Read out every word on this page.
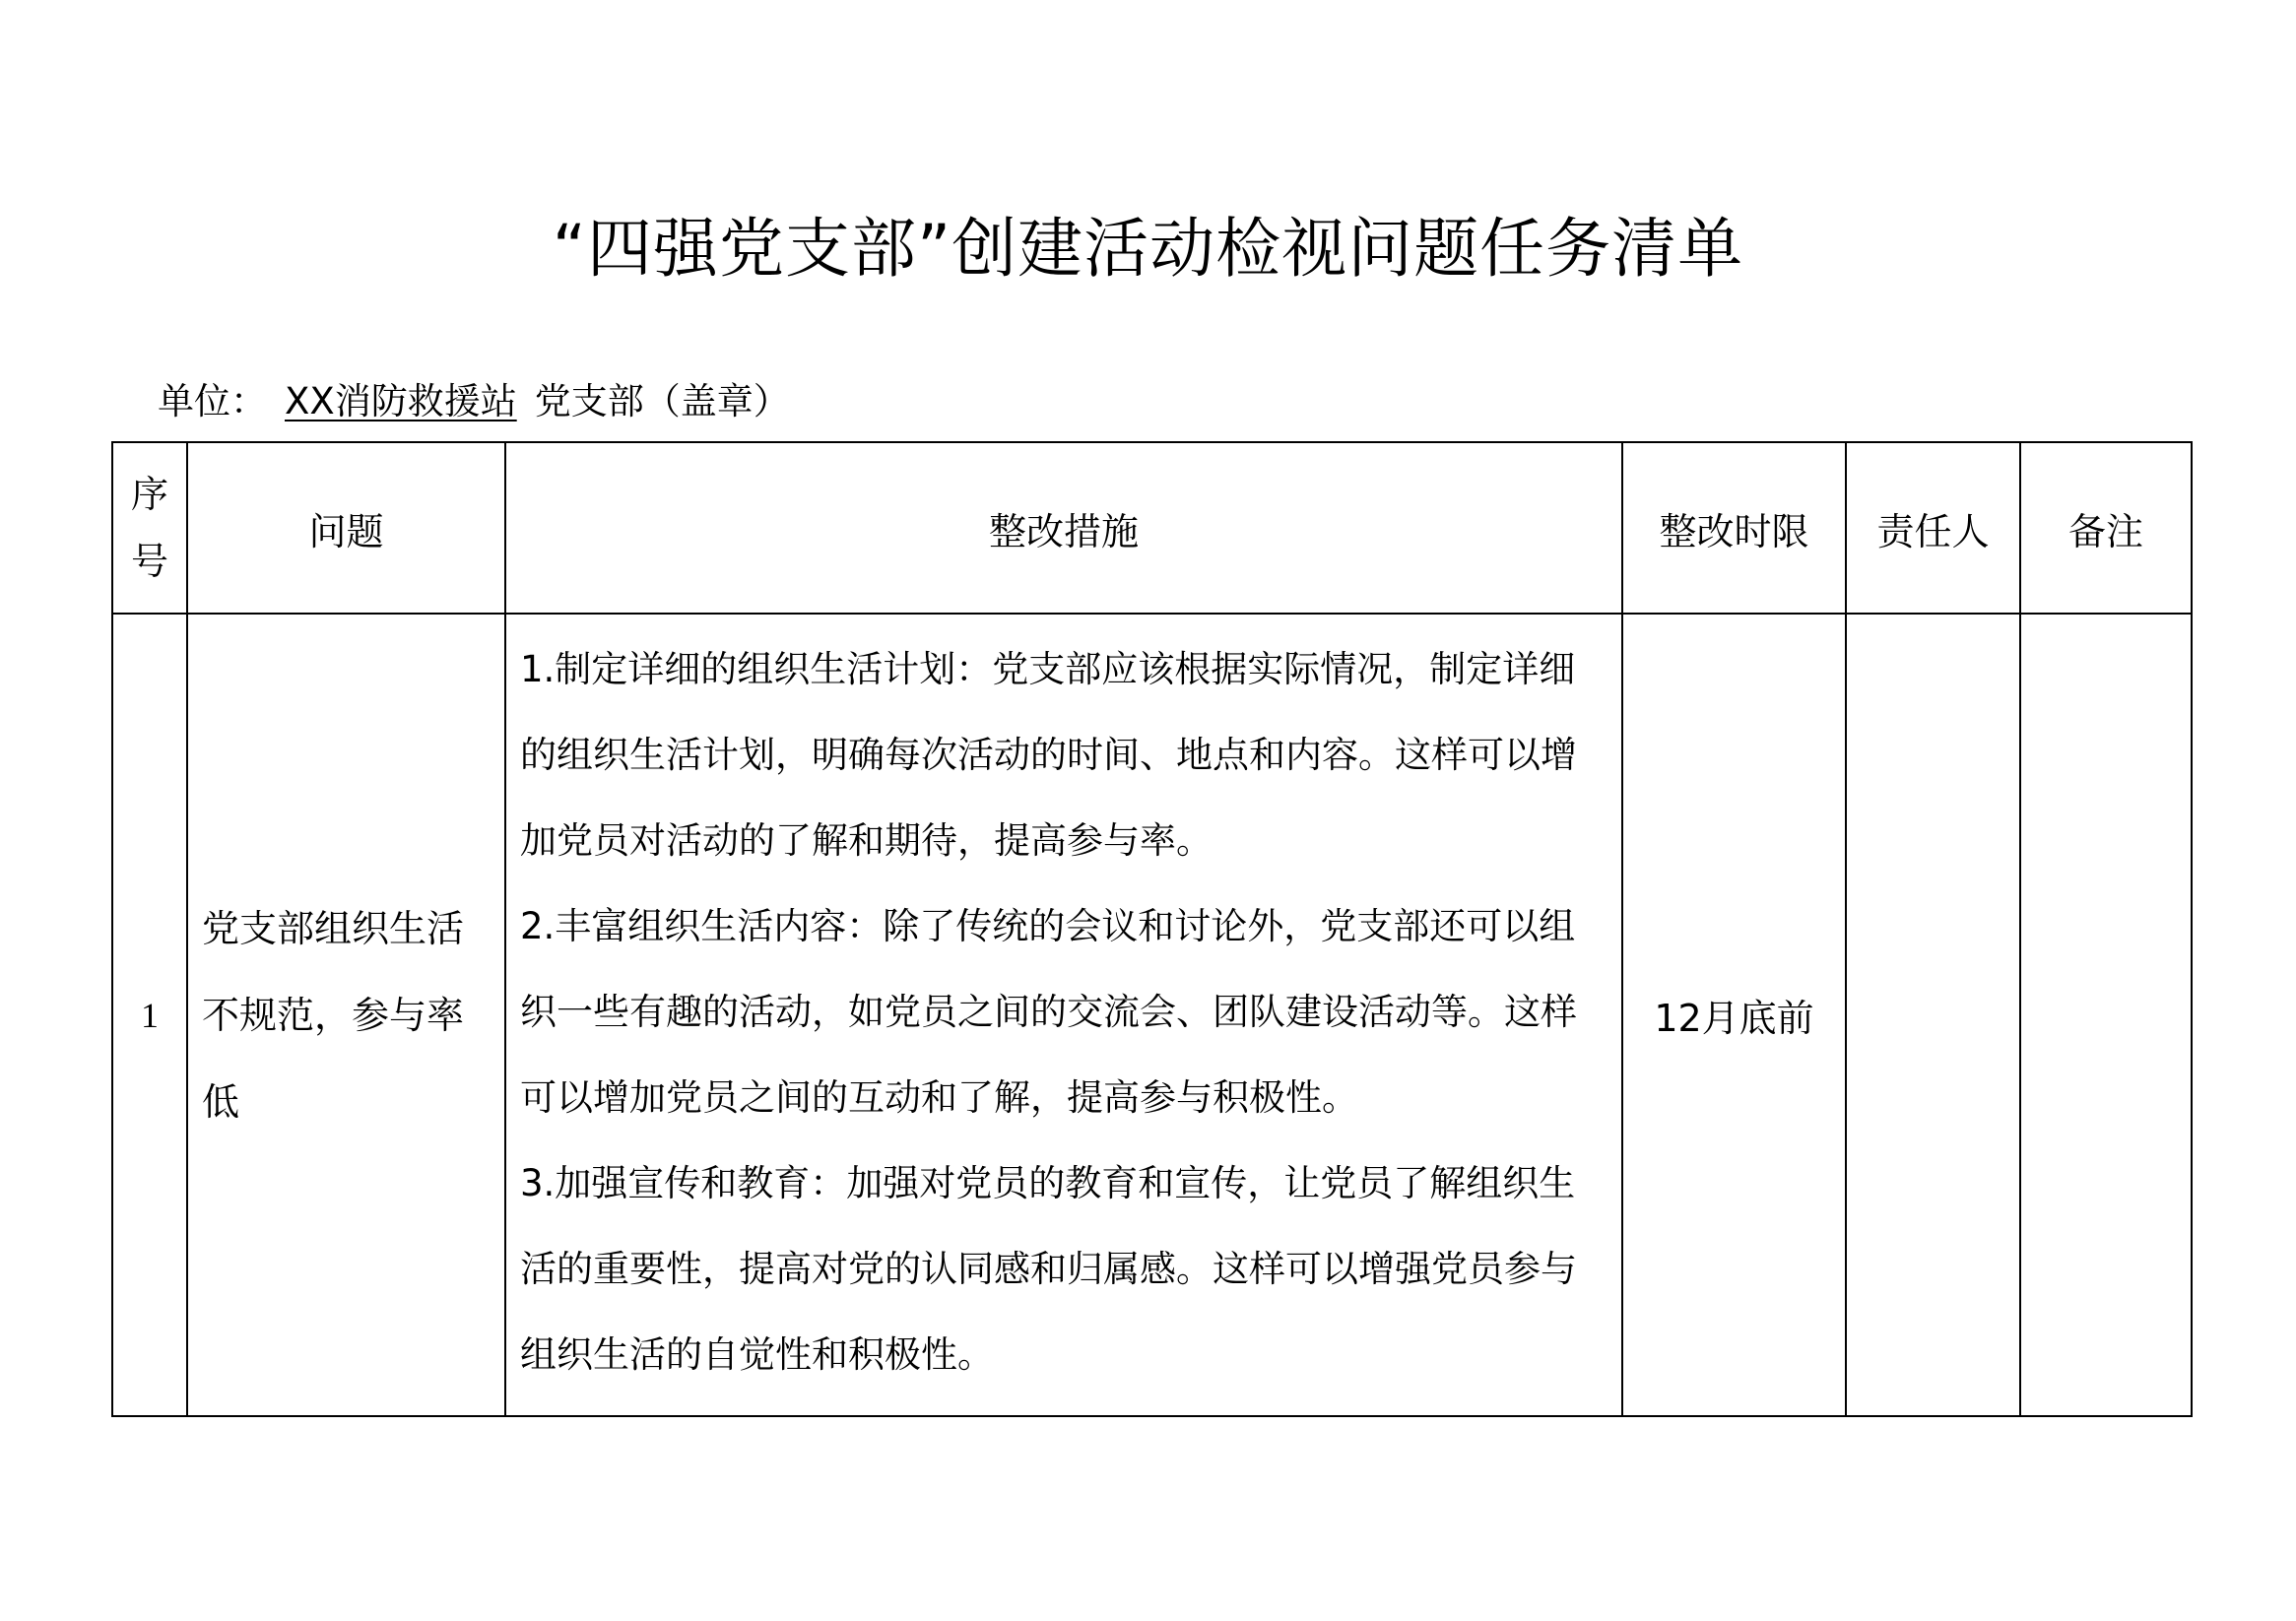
“四强党支部”创建活动检视问题任务清单
单位： XX消防救援站 党支部（盖章）
序
号	问题	整改措施	整改时限	责任人	备注
1	党支部组织生活不规范，参与率低	1.制定详细的组织生活计划：党支部应该根据实际情况，制定详细的组织生活计划，明确每次活动的时间、地点和内容。这样可以增加党员对活动的了解和期待，提高参与率。

2.丰富组织生活内容：除了传统的会议和讨论外，党支部还可以组织一些有趣的活动，如党员之间的交流会、团队建设活动等。这样可以增加党员之间的互动和了解，提高参与积极性。

3.加强宣传和教育：加强对党员的教育和宣传，让党员了解组织生活的重要性，提高对党的认同感和归属感。这样可以增强党员参与组织生活的自觉性和积极性。	12月底前		
